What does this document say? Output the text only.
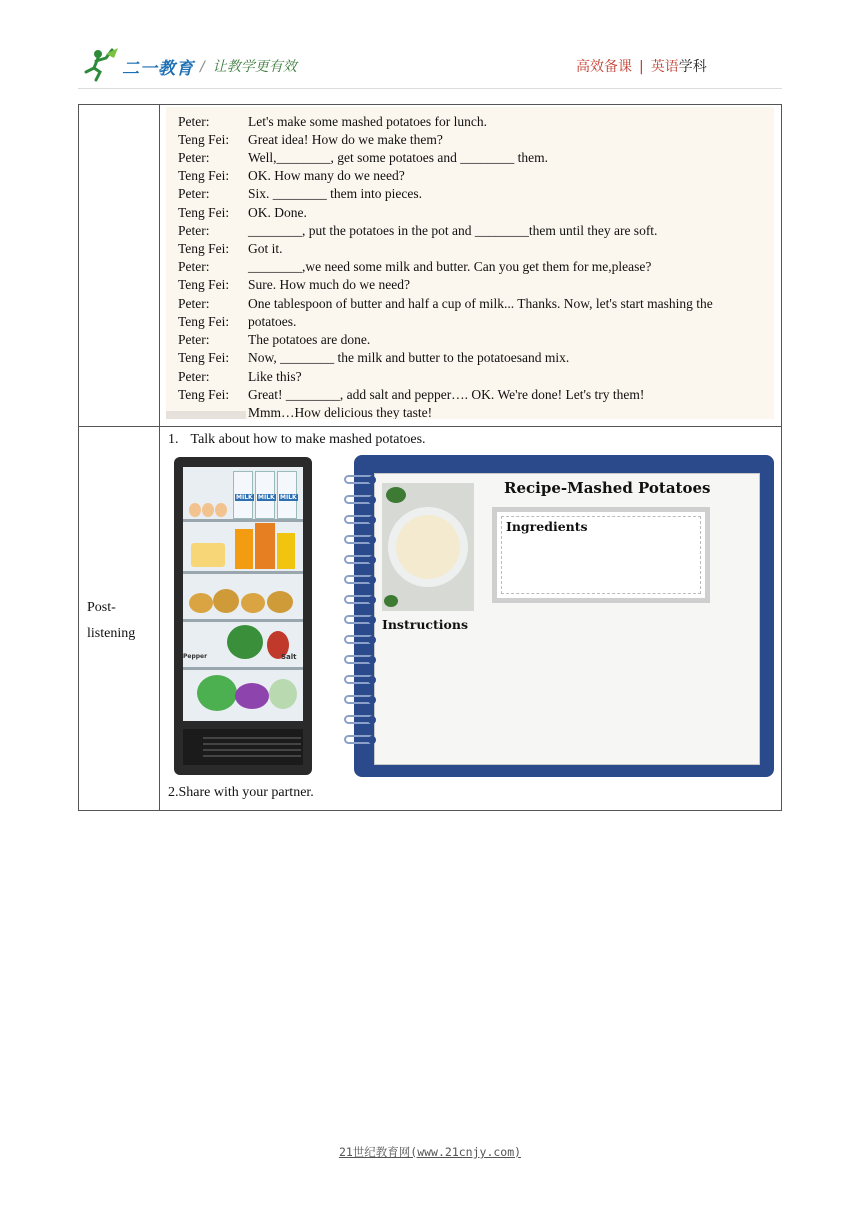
二一教育 / 让教学更有效	高效备课 | 英语学科
Peter:	Let's make some mashed potatoes for lunch.
Teng Fei:	Great idea! How do we make them?
Peter:	Well,________, get some potatoes and ________ them.
Teng Fei:	OK. How many do we need?
Peter:	Six. ________ them into pieces.
Teng Fei:	OK. Done.
Peter:	________, put the potatoes in the pot and ________them until they are soft.
Teng Fei:	Got it.
Peter:	________,we need some milk and butter. Can you get them for me,please?
Teng Fei:	Sure. How much do we need?
Peter:	One tablespoon of butter and half a cup of milk... Thanks. Now, let's start mashing the
Teng Fei:	potatoes.
Peter:	The potatoes are done.
Teng Fei:	Now, ________ the milk and butter to the potatoesand mix.
Peter:	Like this?
Teng Fei:	Great! ________, add salt and pepper…. OK. We're done! Let's try them!
Mmm…How delicious they taste!
Post-
listening
1. Talk about how to make mashed potatoes.
MILK MILK MILK
Pepper	Salt
Recipe-Mashed Potatoes
Ingredients
Instructions
2.Share with your partner.
21世纪教育网(www.21cnjy.com)
